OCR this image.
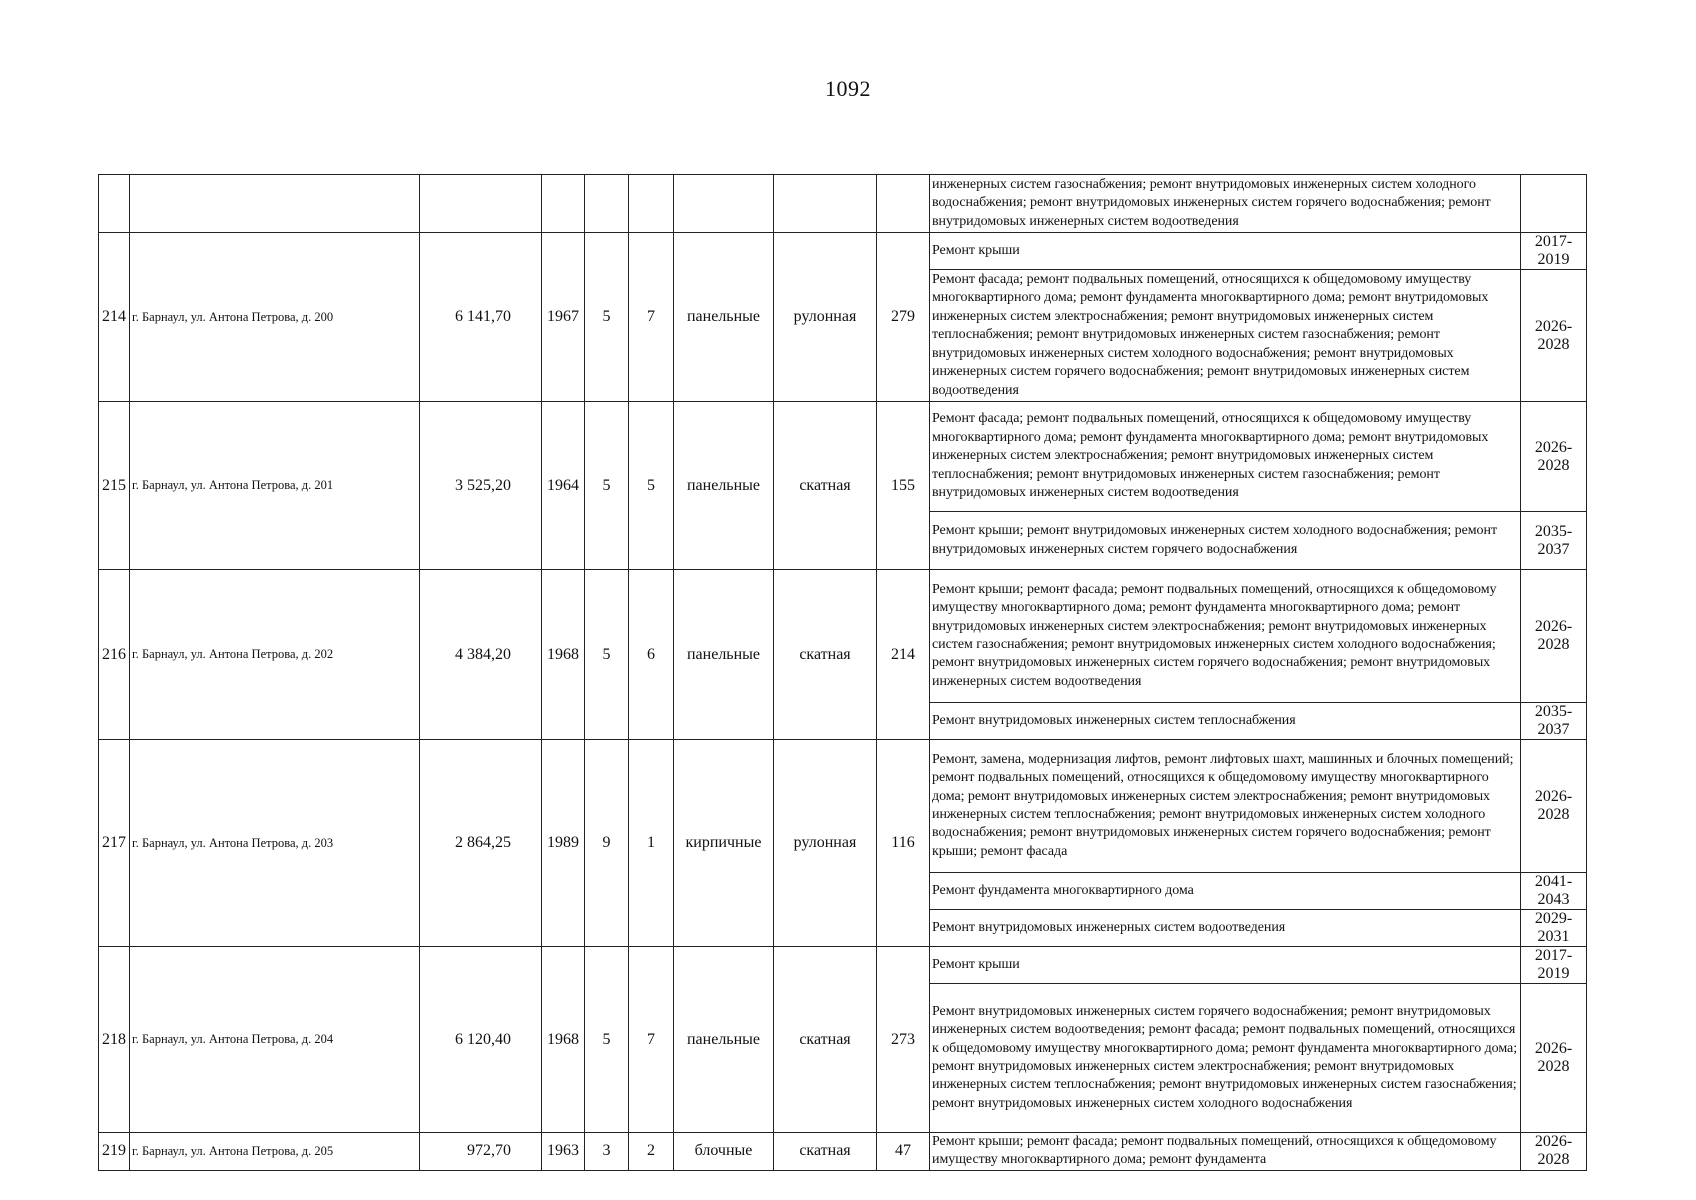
1092
									инженерных систем газоснабжения; ремонт внутридомовых инженерных систем холодного водоснабжения; ремонт внутридомовых инженерных систем горячего водоснабжения; ремонт внутридомовых инженерных систем водоотведения	
214	г. Барнаул, ул. Антона Петрова, д. 200	6 141,70	1967	5	7	панельные	рулонная	279	Ремонт крыши	2017-2019
									Ремонт фасада; ремонт подвальных помещений, относящихся к общедомовому имуществу многоквартирного дома; ремонт фундамента многоквартирного дома; ремонт внутридомовых инженерных систем электроснабжения; ремонт внутридомовых инженерных систем теплоснабжения; ремонт внутридомовых инженерных систем газоснабжения; ремонт внутридомовых инженерных систем холодного водоснабжения; ремонт внутридомовых инженерных систем горячего водоснабжения; ремонт внутридомовых инженерных систем водоотведения	2026-2028
215	г. Барнаул, ул. Антона Петрова, д. 201	3 525,20	1964	5	5	панельные	скатная	155	Ремонт фасада; ремонт подвальных помещений, относящихся к общедомовому имуществу многоквартирного дома; ремонт фундамента многоквартирного дома; ремонт внутридомовых инженерных систем электроснабжения; ремонт внутридомовых инженерных систем теплоснабжения; ремонт внутридомовых инженерных систем газоснабжения; ремонт внутридомовых инженерных систем водоотведения	2026-2028
									Ремонт крыши; ремонт внутридомовых инженерных систем холодного водоснабжения; ремонт внутридомовых инженерных систем горячего водоснабжения	2035-2037
216	г. Барнаул, ул. Антона Петрова, д. 202	4 384,20	1968	5	6	панельные	скатная	214	Ремонт крыши; ремонт фасада; ремонт подвальных помещений, относящихся к общедомовому имуществу многоквартирного дома; ремонт фундамента многоквартирного дома; ремонт внутридомовых инженерных систем электроснабжения; ремонт внутридомовых инженерных систем газоснабжения; ремонт внутридомовых инженерных систем холодного водоснабжения; ремонт внутридомовых инженерных систем горячего водоснабжения; ремонт внутридомовых инженерных систем водоотведения	2026-2028
									Ремонт внутридомовых инженерных систем теплоснабжения	2035-2037
217	г. Барнаул, ул. Антона Петрова, д. 203	2 864,25	1989	9	1	кирпичные	рулонная	116	Ремонт, замена, модернизация лифтов, ремонт лифтовых шахт, машинных и блочных помещений; ремонт подвальных помещений, относящихся к общедомовому имуществу многоквартирного дома; ремонт внутридомовых инженерных систем электроснабжения; ремонт внутридомовых инженерных систем теплоснабжения; ремонт внутридомовых инженерных систем холодного водоснабжения; ремонт внутридомовых инженерных систем горячего водоснабжения; ремонт крыши; ремонт фасада	2026-2028
									Ремонт фундамента многоквартирного дома	2041-2043
									Ремонт внутридомовых инженерных систем водоотведения	2029-2031
218	г. Барнаул, ул. Антона Петрова, д. 204	6 120,40	1968	5	7	панельные	скатная	273	Ремонт крыши	2017-2019
									Ремонт внутридомовых инженерных систем горячего водоснабжения; ремонт внутридомовых инженерных систем водоотведения; ремонт фасада; ремонт подвальных помещений, относящихся к общедомовому имуществу многоквартирного дома; ремонт фундамента многоквартирного дома; ремонт внутридомовых инженерных систем электроснабжения; ремонт внутридомовых инженерных систем теплоснабжения; ремонт внутридомовых инженерных систем газоснабжения; ремонт внутридомовых инженерных систем холодного водоснабжения	2026-2028
219	г. Барнаул, ул. Антона Петрова, д. 205	972,70	1963	3	2	блочные	скатная	47	Ремонт крыши; ремонт фасада; ремонт подвальных помещений, относящихся к общедомовому имуществу многоквартирного дома; ремонт фундамента	2026-2028
